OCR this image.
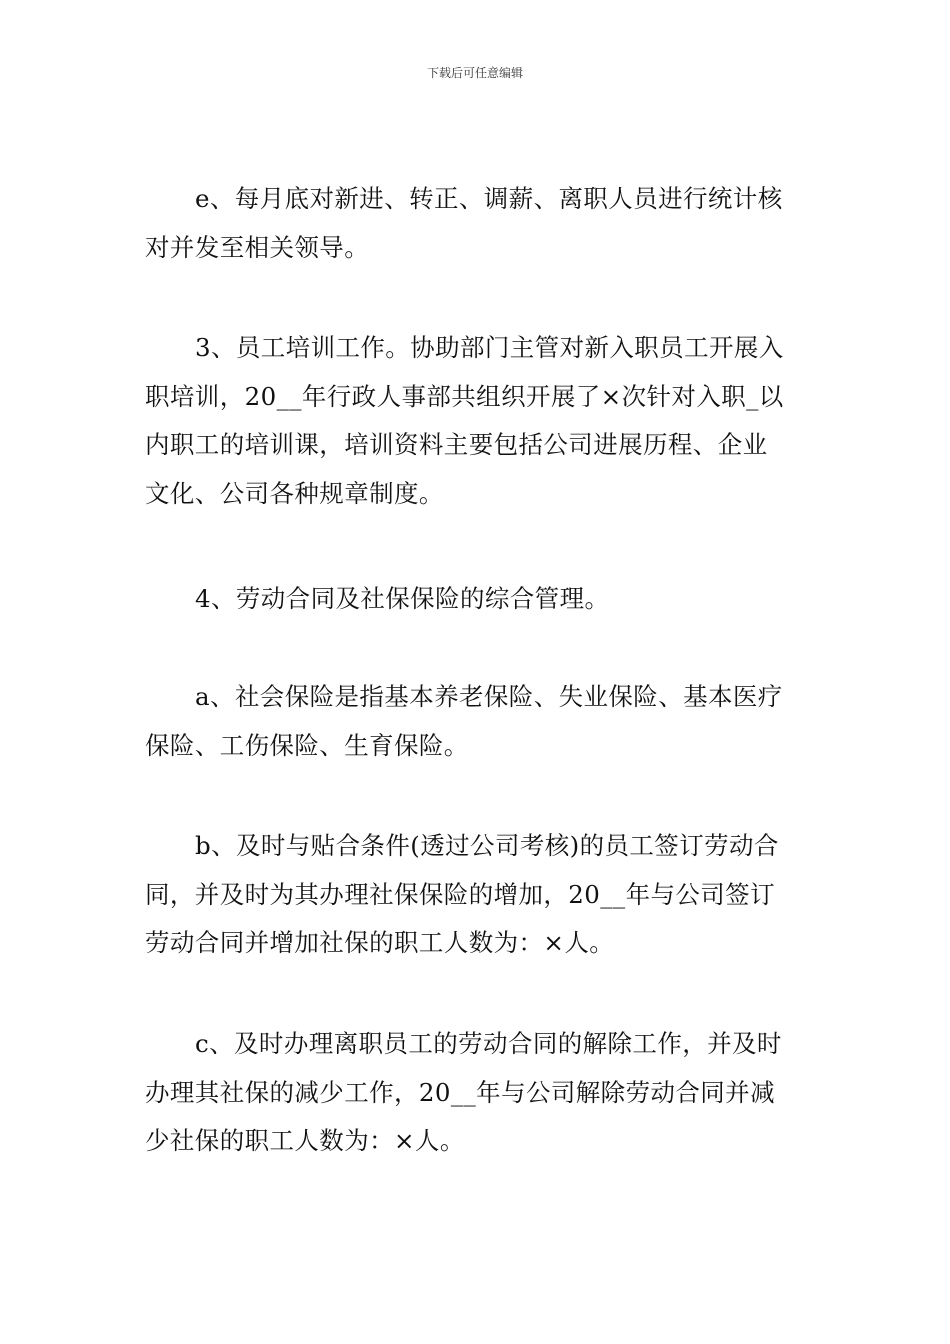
下载后可任意编辑
e、每月底对新进、转正、调薪、离职人员进行统计核
对并发至相关领导。
3、员工培训工作。协助部门主管对新入职员工开展入
职培训，20__年行政人事部共组织开展了×次针对入职_以
内职工的培训课，培训资料主要包括公司进展历程、企业
文化、公司各种规章制度。
4、劳动合同及社保保险的综合管理。
a、社会保险是指基本养老保险、失业保险、基本医疗
保险、工伤保险、生育保险。
b、及时与贴合条件(透过公司考核)的员工签订劳动合
同，并及时为其办理社保保险的增加，20__年与公司签订
劳动合同并增加社保的职工人数为：×人。
c、及时办理离职员工的劳动合同的解除工作，并及时
办理其社保的减少工作，20__年与公司解除劳动合同并减
少社保的职工人数为：×人。
